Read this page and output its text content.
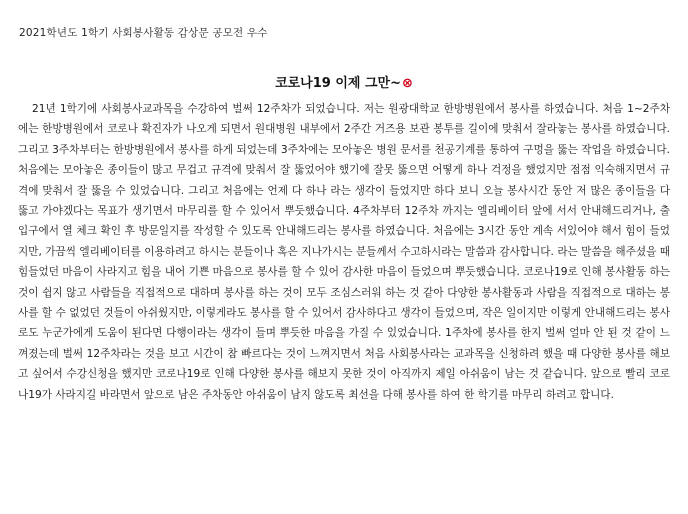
2021학년도 1학기 사회봉사활동 감상문 공모전 우수
코로나19 이제 그만~⊗
21년 1학기에 사회봉사교과목을 수강하여 벌써 12주차가 되었습니다. 저는 원광대학교 한방병원에서 봉사를 하였습니다. 처음 1~2주차에는 한방병원에서 코로나 확진자가 나오게 되면서 원대병원 내부에서 2주간 거즈용 보관 봉투를 길이에 맞춰서 잘라놓는 봉사를 하였습니다. 그리고 3주차부터는 한방병원에서 봉사를 하게 되었는데 3주차에는 모아놓은 병원 문서를 천공기계를 통하여 구멍을 뚫는 작업을 하였습니다. 처음에는 모아놓은 종이들이 많고 무겁고 규격에 맞춰서 잘 뚫었어야 했기에 잘못 뚫으면 어떻게 하나 걱정을 했었지만 점점 익숙해지면서 규격에 맞춰서 잘 뚫을 수 있었습니다. 그리고 처음에는 언제 다 하나 라는 생각이 들었지만 하다 보니 오늘 봉사시간 동안 저 많은 종이들을 다 뚫고 가야겠다는 목표가 생기면서 마무리를 할 수 있어서 뿌듯했습니다. 4주차부터 12주차 까지는 엘리베이터 앞에 서서 안내해드리거나, 출입구에서 열 체크 확인 후 방문일지를 작성할 수 있도록 안내해드리는 봉사를 하였습니다. 처음에는 3시간 동안 계속 서있어야 해서 힘이 들었지만, 가끔씩 엘리베이터를 이용하려고 하시는 분들이나 혹은 지나가시는 분들께서 수고하시라는 말씀과 감사합니다. 라는 말씀을 해주셨을 때 힘들었던 마음이 사라지고 힘을 내어 기쁜 마음으로 봉사를 할 수 있어 감사한 마음이 들었으며 뿌듯했습니다. 코로나19로 인해 봉사활동 하는 것이 쉽지 않고 사람들을 직접적으로 대하며 봉사를 하는 것이 모두 조심스러워 하는 것 같아 다양한 봉사활동과 사람을 직접적으로 대하는 봉사를 할 수 없었던 것들이 아쉬웠지만, 이렇게라도 봉사를 할 수 있어서 감사하다고 생각이 들었으며, 작은 일이지만 이렇게 안내해드리는 봉사로도 누군가에게 도움이 된다면 다행이라는 생각이 들며 뿌듯한 마음을 가질 수 있었습니다. 1주차에 봉사를 한지 벌써 얼마 안 된 것 같이 느껴졌는데 벌써 12주차라는 것을 보고 시간이 참 빠르다는 것이 느껴지면서 처음 사회봉사라는 교과목을 신청하려 했을 때 다양한 봉사를 해보고 싶어서 수강신청을 했지만 코로나19로 인해 다양한 봉사를 해보지 못한 것이 아직까지 제일 아쉬움이 남는 것 같습니다. 앞으로 빨리 코로나19가 사라지길 바라면서 앞으로 남은 주차동안 아쉬움이 남지 않도록 최선을 다해 봉사를 하여 한 학기를 마무리 하려고 합니다.
